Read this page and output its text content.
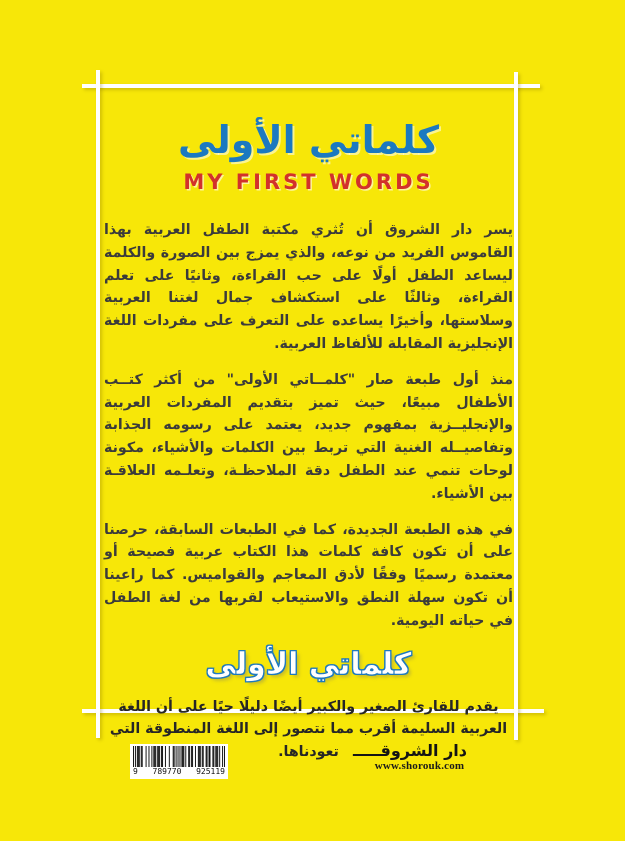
كلماتي الأولى
MY FIRST WORDS

يسر دار الشروق أن تُثري مكتبة الطفل العربية بهذا القاموس الفريد من نوعه، والذي يمزج بين الصورة والكلمة ليساعد الطفل أولًا على حب القراءة، وثانيًا على تعلم القراءة، وثالثًا على استكشاف جمال لغتنا العربية وسلاستها، وأخيرًا يساعده على التعرف على مفردات اللغة الإنجليزية المقابلة للألفاظ العربية.

منذ أول طبعة صار "كلمــاتي الأولى" من أكثر كتــب الأطفال مبيعًا، حيث تميز بتقديم المفردات العربية والإنجليــزية بمفهوم جديد، يعتمد على رسومه الجذابة وتفاصيــله الغنية التي تربط بين الكلمات والأشياء، مكونة لوحات تنمي عند الطفل دقة الملاحظـة، وتعلـمه العلاقـة بين الأشياء.

في هذه الطبعة الجديدة، كما في الطبعات السابقة، حرصنا على أن تكون كافة كلمات هذا الكتاب عربية فصيحة أو معتمدة رسميًا وفقًا لأدق المعاجم والقواميس. كما راعينا أن تكون سهلة النطق والاستيعاب لقربها من لغة الطفل في حياته اليومية.

كلماتي الأولى

يقدم للقارئ الصغير والكبير أيضًا دليلًا حيًا على أن اللغة العربية السليمة أقرب مما نتصور إلى اللغة المنطوقة التي تعودناها.

9 789770 925119
دار الشروقـــــ
www.shorouk.com
